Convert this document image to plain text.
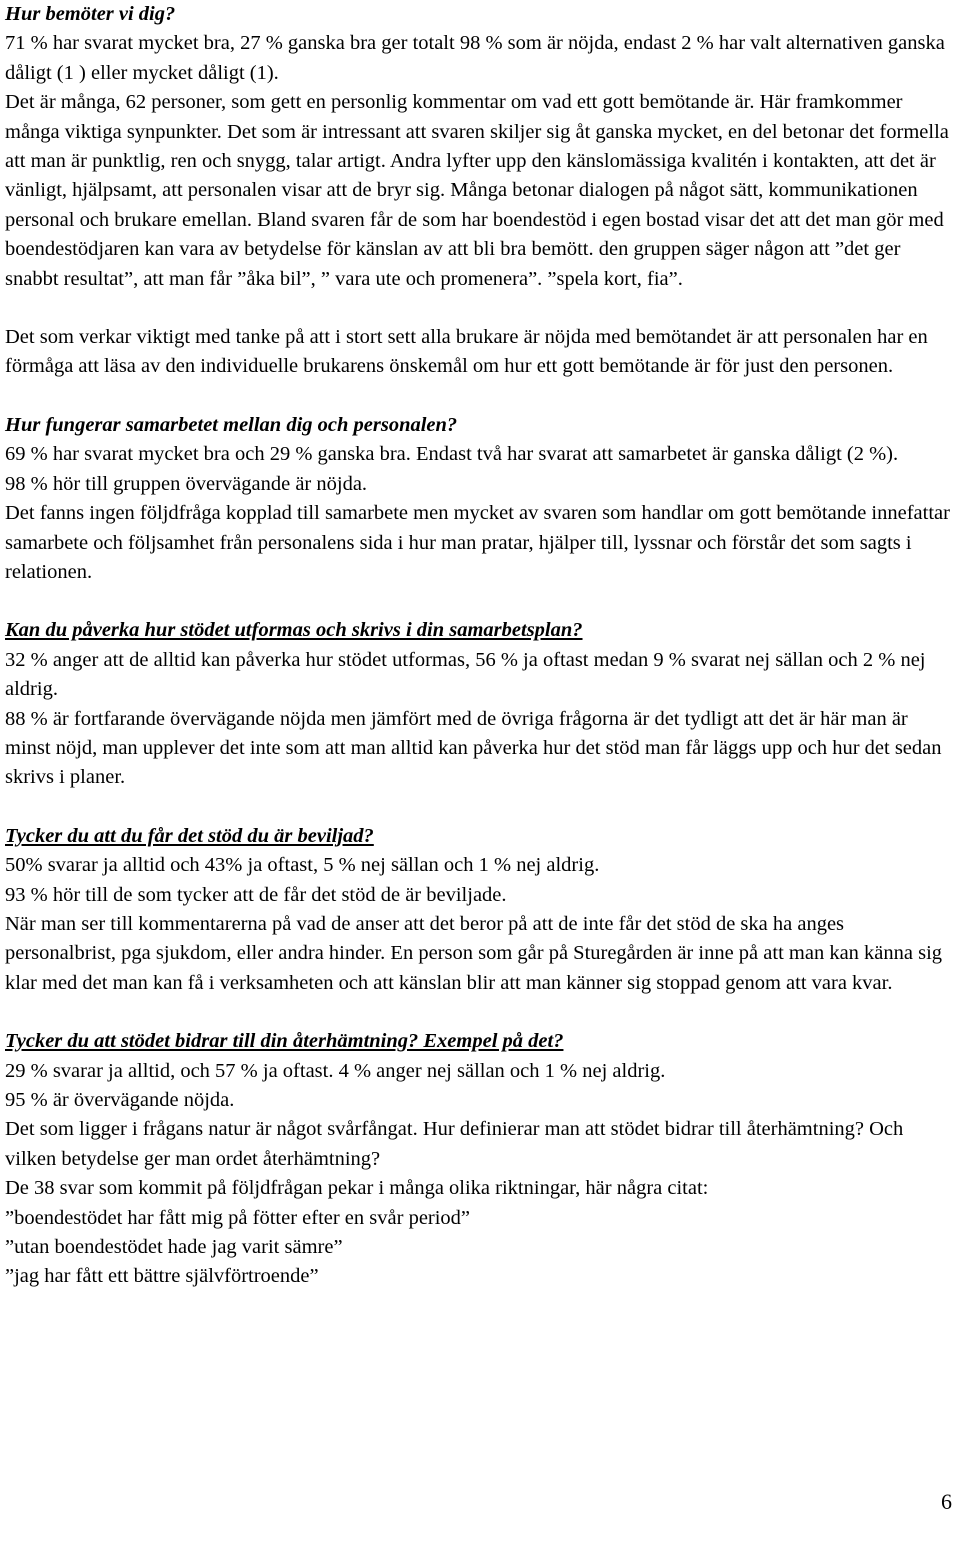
Hur bemöter vi dig?

71 % har svarat mycket bra, 27 % ganska bra ger totalt 98 % som är nöjda, endast 2 % har valt alternativen ganska dåligt (1 ) eller mycket dåligt (1).

Det är många, 62 personer, som gett en personlig kommentar om vad ett gott bemötande är. Här framkommer många viktiga synpunkter. Det som är intressant att svaren skiljer sig åt ganska mycket, en del betonar det formella att man är punktlig, ren och snygg, talar artigt. Andra lyfter upp den känslomässiga kvalitén i kontakten, att det är vänligt, hjälpsamt, att personalen visar att de bryr sig. Många betonar dialogen på något sätt, kommunikationen personal och brukare emellan. Bland svaren får de som har boendestöd i egen bostad visar det att det man gör med boendestödjaren kan vara av betydelse för känslan av att bli bra bemött. den gruppen säger någon att ”det ger snabbt resultat”, att man får ”åka bil”, ” vara ute och promenera”. ”spela kort, fia”.

Det som verkar viktigt med tanke på att i stort sett alla brukare är nöjda med bemötandet är att personalen har en förmåga att läsa av den individuelle brukarens önskemål om hur ett gott bemötande är för just den personen.

Hur fungerar samarbetet mellan dig och personalen?

69 % har svarat mycket bra och 29 % ganska bra. Endast två har svarat att samarbetet är ganska dåligt (2 %).

98 % hör till gruppen övervägande är nöjda.

Det fanns ingen följdfråga kopplad till samarbete men mycket av svaren som handlar om gott bemötande innefattar samarbete och följsamhet från personalens sida i hur man pratar, hjälper till, lyssnar och förstår det som sagts i relationen.

Kan du påverka hur stödet utformas och skrivs i din samarbetsplan?

32 % anger att de alltid kan påverka hur stödet utformas, 56 % ja oftast medan 9 % svarat nej sällan och 2 % nej aldrig.

88 % är fortfarande övervägande nöjda men jämfört med de övriga frågorna är det tydligt att det är här man är minst nöjd, man upplever det inte som att man alltid kan påverka hur det stöd man får läggs upp och hur det sedan skrivs i planer.

Tycker du att du får det stöd du är beviljad?

50% svarar ja alltid och 43% ja oftast, 5 % nej sällan och 1 % nej aldrig.

93 % hör till de som tycker att de får det stöd de är beviljade.

När man ser till kommentarerna på vad de anser att det beror på att de inte får det stöd de ska ha anges personalbrist, pga sjukdom, eller andra hinder. En person som går på Sturegården är inne på att man kan känna sig klar med det man kan få i verksamheten och att känslan blir att man känner sig stoppad genom att vara kvar.

Tycker du att stödet bidrar till din återhämtning? Exempel på det?

29 % svarar ja alltid, och 57 % ja oftast. 4 % anger nej sällan och 1 % nej aldrig.

95 % är övervägande nöjda.

Det som ligger i frågans natur är något svårfångat. Hur definierar man att stödet bidrar till återhämtning? Och vilken betydelse ger man ordet återhämtning?

De 38 svar som kommit på följdfrågan pekar i många olika riktningar, här några citat:

”boendestödet har fått mig på fötter efter en svår period”

”utan boendestödet hade jag varit sämre”

”jag har fått ett bättre självförtroende”

6
